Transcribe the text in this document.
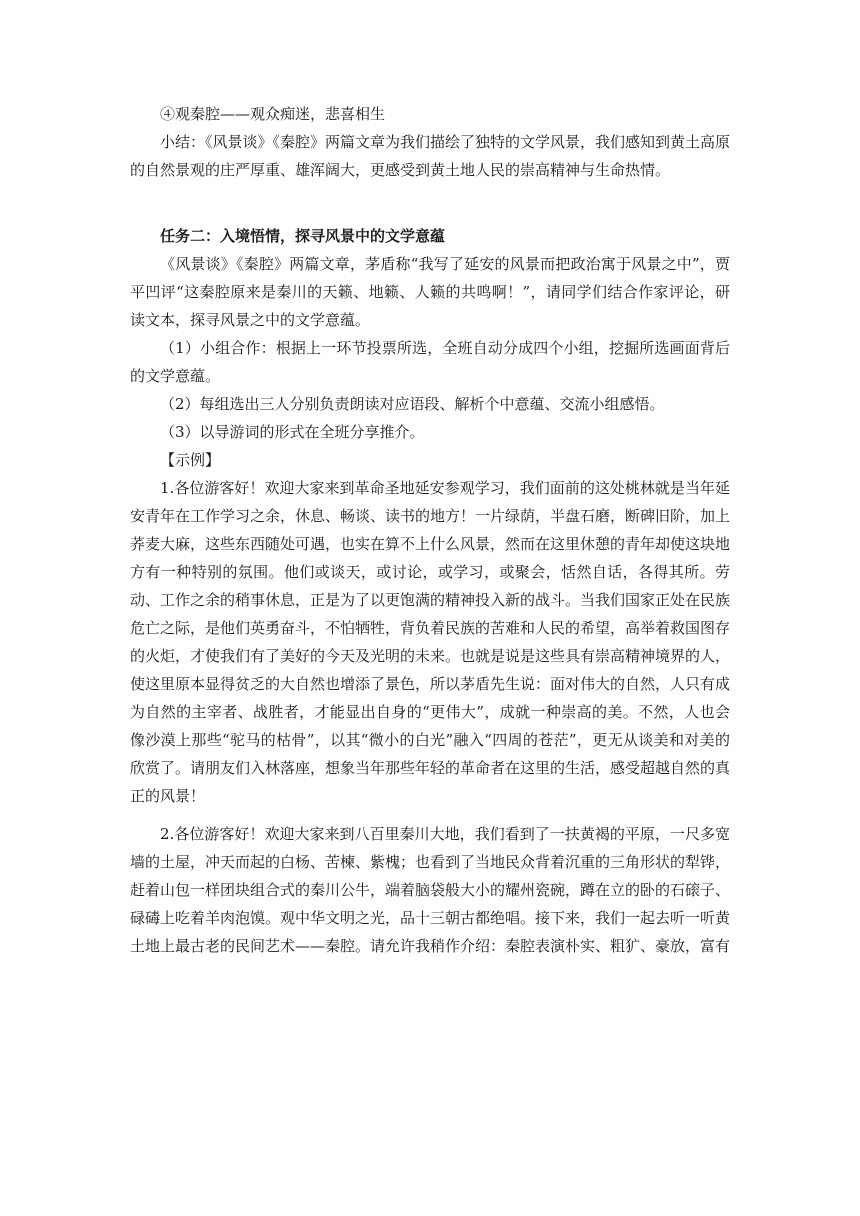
④观秦腔——观众痴迷，悲喜相生

小结：《风景谈》《秦腔》两篇文章为我们描绘了独特的文学风景，我们感知到黄土高原的自然景观的庄严厚重、雄浑阔大，更感受到黄土地人民的崇高精神与生命热情。

任务二：入境悟情，探寻风景中的文学意蕴

《风景谈》《秦腔》两篇文章，茅盾称“我写了延安的风景而把政治寓于风景之中”，贾平凹评“这秦腔原来是秦川的天籁、地籁、人籁的共鸣啊！”，请同学们结合作家评论，研读文本，探寻风景之中的文学意蕴。

（1）小组合作：根据上一环节投票所选，全班自动分成四个小组，挖掘所选画面背后的文学意蕴。

（2）每组选出三人分别负责朗读对应语段、解析个中意蕴、交流小组感悟。

（3）以导游词的形式在全班分享推介。

【示例】

1.各位游客好！欢迎大家来到革命圣地延安参观学习，我们面前的这处桃林就是当年延安青年在工作学习之余，休息、畅谈、读书的地方！一片绿荫，半盘石磨，断碑旧阶，加上荞麦大麻，这些东西随处可遇，也实在算不上什么风景，然而在这里休憩的青年却使这块地方有一种特别的氛围。他们或谈天，或讨论，或学习，或聚会，恬然自话，各得其所。劳动、工作之余的稍事休息，正是为了以更饱满的精神投入新的战斗。当我们国家正处在民族危亡之际，是他们英勇奋斗，不怕牺牲，背负着民族的苦难和人民的希望，高举着救国图存的火炬，才使我们有了美好的今天及光明的未来。也就是说是这些具有崇高精神境界的人，使这里原本显得贫乏的大自然也增添了景色，所以茅盾先生说：面对伟大的自然，人只有成为自然的主宰者、战胜者，才能显出自身的“更伟大”，成就一种崇高的美。不然，人也会像沙漠上那些“驼马的枯骨”，以其“微小的白光”融入“四周的苍茫”，更无从谈美和对美的欣赏了。请朋友们入林落座，想象当年那些年轻的革命者在这里的生活，感受超越自然的真正的风景！

2.各位游客好！欢迎大家来到八百里秦川大地，我们看到了一扶黄褐的平原，一尺多宽墙的土屋，冲天而起的白杨、苦楝、紫槐；也看到了当地民众背着沉重的三角形状的犁铧，赶着山包一样团块组合式的秦川公牛，端着脑袋般大小的耀州瓷碗，蹲在立的卧的石磙子、碌碡上吃着羊肉泡馍。观中华文明之光，品十三朝古都绝唱。接下来，我们一起去听一听黄土地上最古老的民间艺术——秦腔。请允许我稍作介绍：秦腔表演朴实、粗犷、豪放，富有
